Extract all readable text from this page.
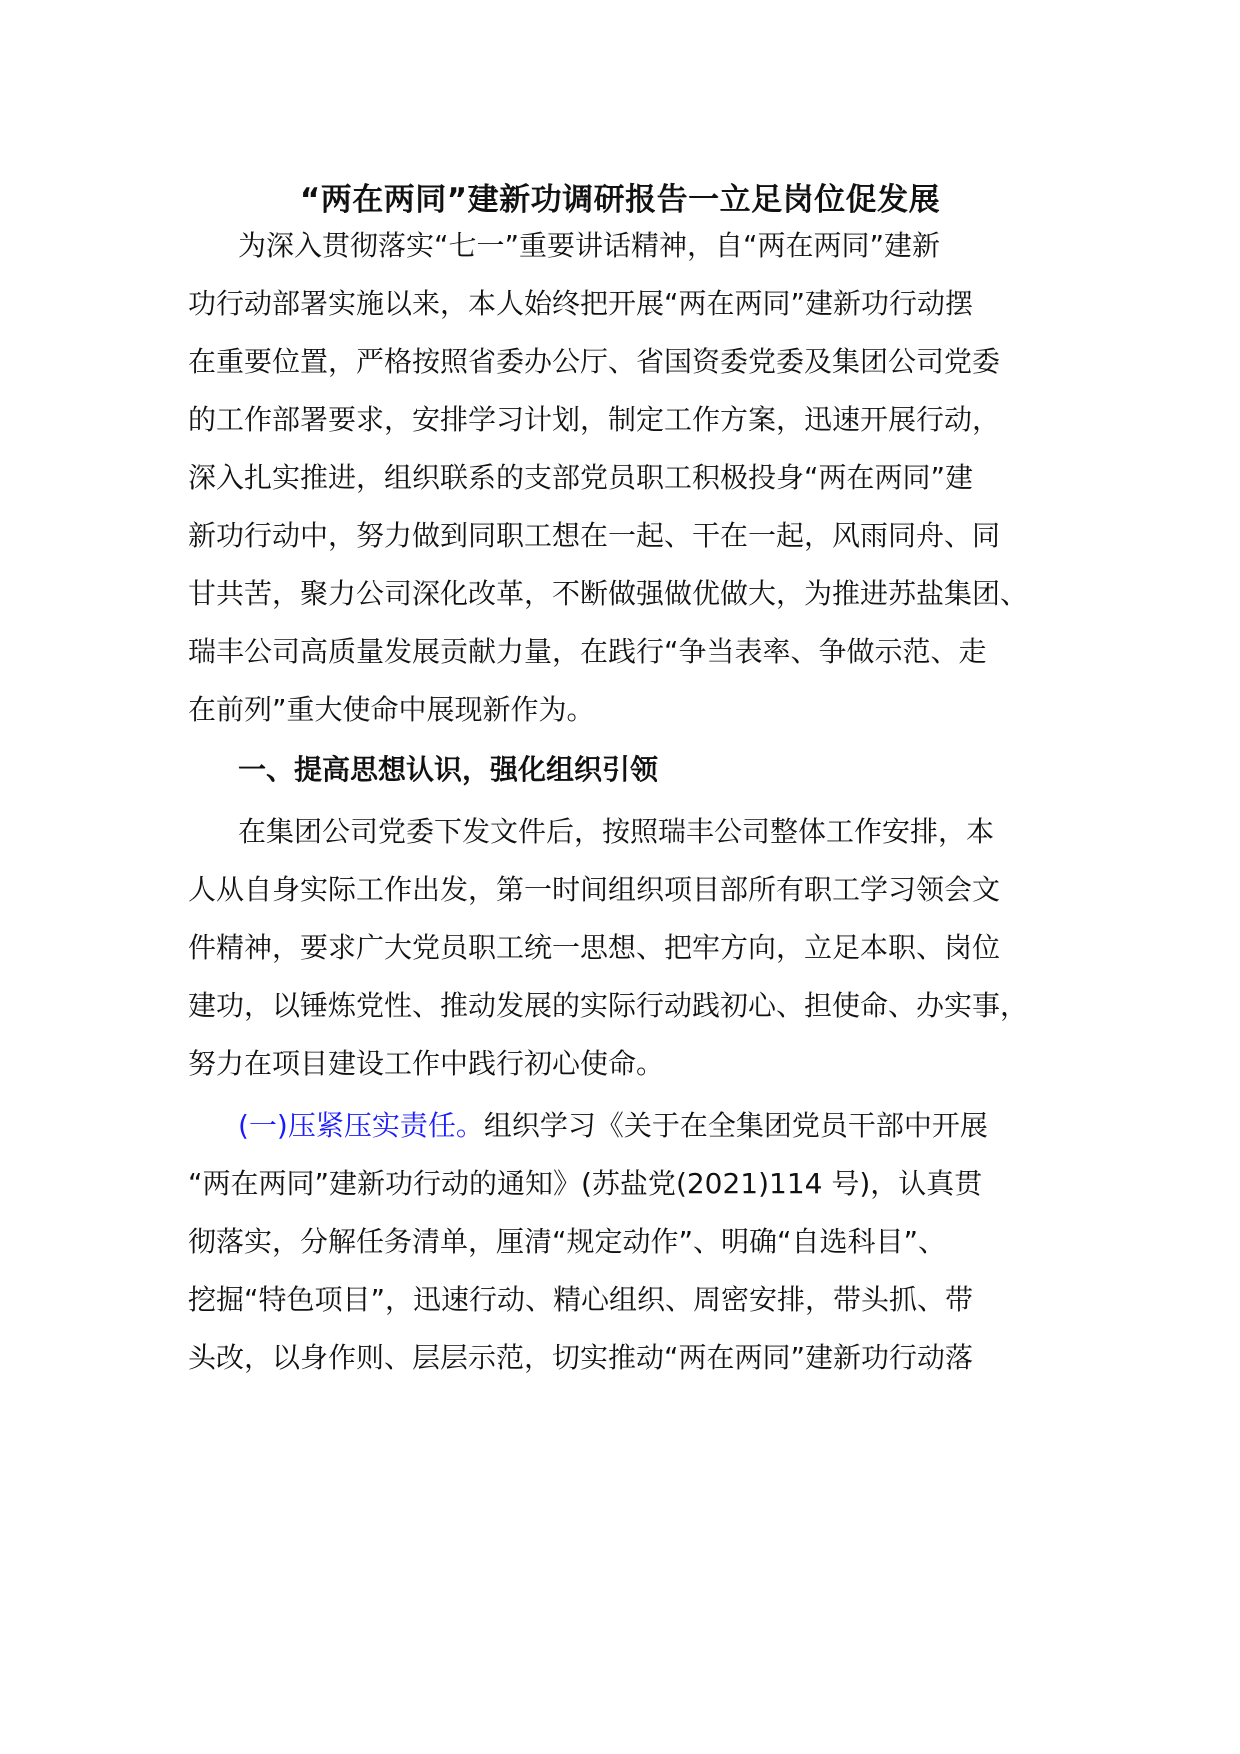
“两在两同”建新功调研报告一立足岗位促发展
为深入贯彻落实“七一”重要讲话精神，自“两在两同”建新
功行动部署实施以来，本人始终把开展“两在两同”建新功行动摆
在重要位置，严格按照省委办公厅、省国资委党委及集团公司党委
的工作部署要求，安排学习计划，制定工作方案，迅速开展行动，
深入扎实推进，组织联系的支部党员职工积极投身“两在两同”建
新功行动中，努力做到同职工想在一起、干在一起，风雨同舟、同
甘共苦，聚力公司深化改革，不断做强做优做大，为推进苏盐集团、
瑞丰公司高质量发展贡献力量，在践行“争当表率、争做示范、走
在前列”重大使命中展现新作为。
一、提高思想认识，强化组织引领
在集团公司党委下发文件后，按照瑞丰公司整体工作安排，本
人从自身实际工作出发，第一时间组织项目部所有职工学习领会文
件精神，要求广大党员职工统一思想、把牢方向，立足本职、岗位
建功，以锤炼党性、推动发展的实际行动践初心、担使命、办实事，
努力在项目建设工作中践行初心使命。
(一)压紧压实责任。组织学习《关于在全集团党员干部中开展
“两在两同”建新功行动的通知》(苏盐党(2021)114 号)，认真贯
彻落实，分解任务清单，厘清“规定动作”、明确“自选科目”、
挖掘“特色项目”，迅速行动、精心组织、周密安排，带头抓、带
头改，以身作则、层层示范，切实推动“两在两同”建新功行动落
